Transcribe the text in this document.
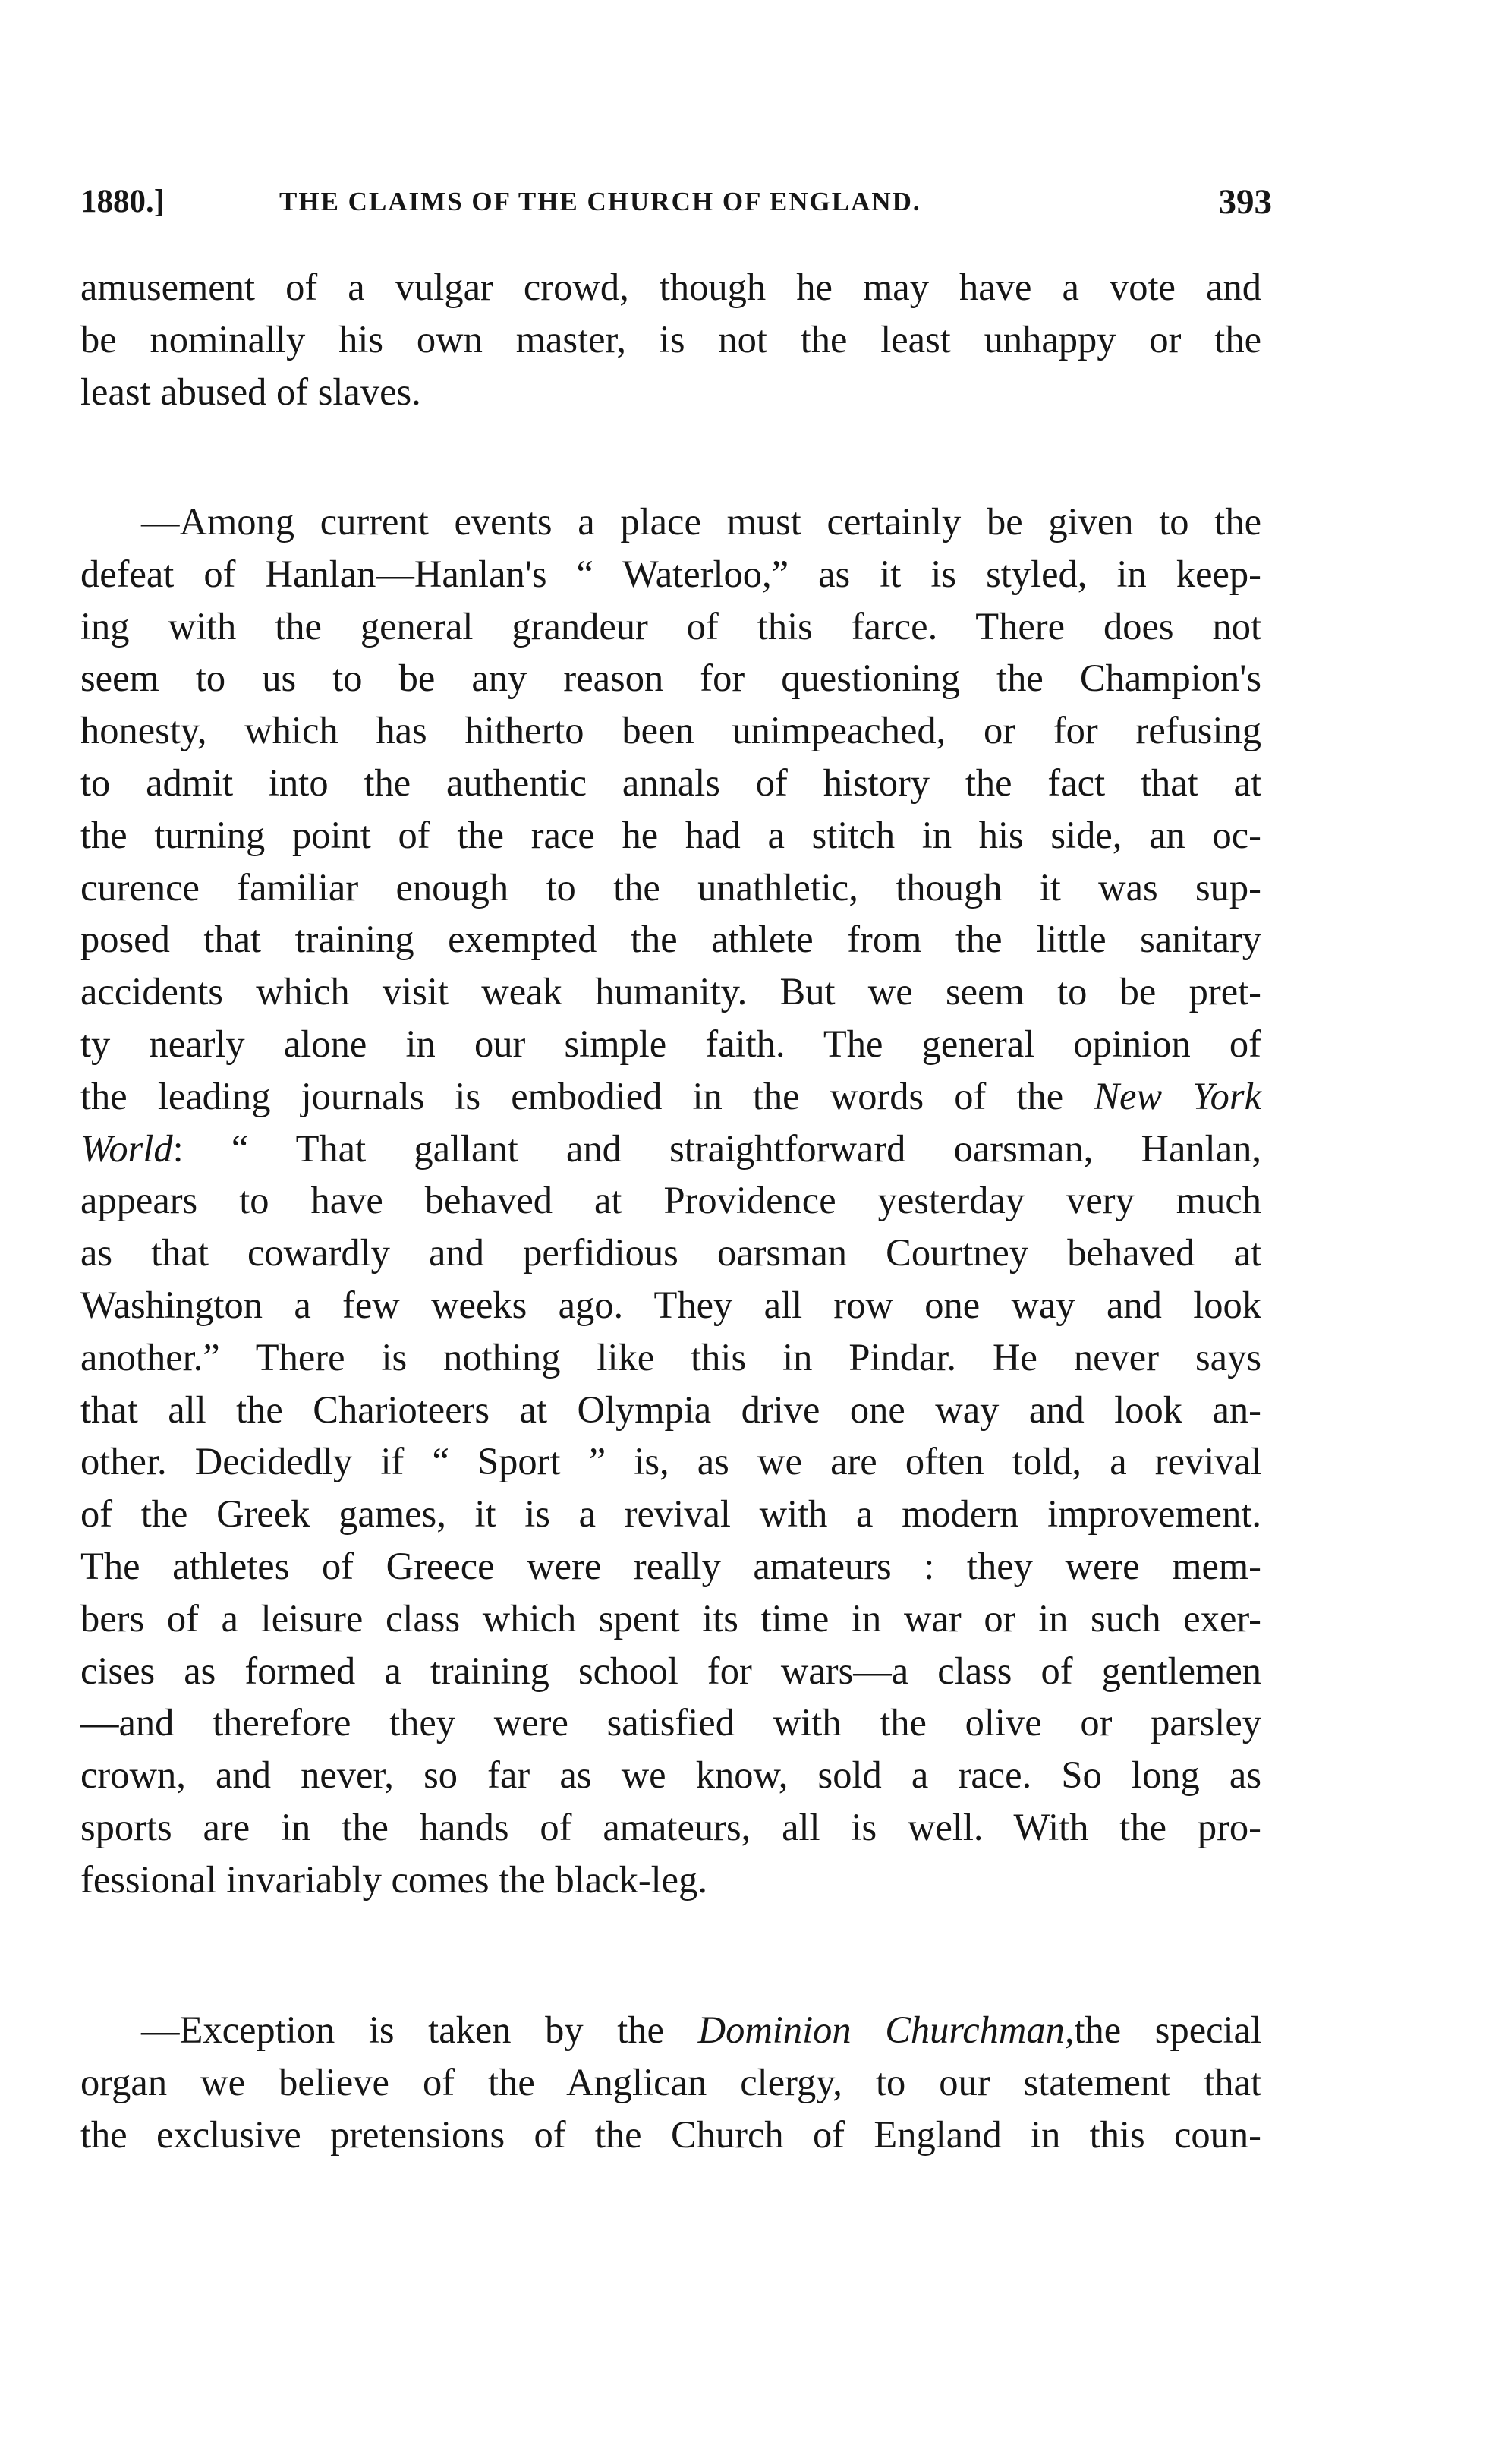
1880.]	THE CLAIMS OF THE CHURCH OF ENGLAND.	393

amusement of a vulgar crowd, though he may have a vote and
be nominally his own master, is not the least unhappy or the
least abused of slaves.

—Among current events a place must certainly be given to the
defeat of Hanlan—Hanlan's “ Waterloo,” as it is styled, in keep-
ing with the general grandeur of this farce. There does not
seem to us to be any reason for questioning the Champion's
honesty, which has hitherto been unimpeached, or for refusing
to admit into the authentic annals of history the fact that at
the turning point of the race he had a stitch in his side, an oc-
curence familiar enough to the unathletic, though it was sup-
posed that training exempted the athlete from the little sanitary
accidents which visit weak humanity. But we seem to be pret-
ty nearly alone in our simple faith. The general opinion of
the leading journals is embodied in the words of the New York
World: “ That gallant and straightforward oarsman, Hanlan,
appears to have behaved at Providence yesterday very much
as that cowardly and perfidious oarsman Courtney behaved at
Washington a few weeks ago. They all row one way and look
another.” There is nothing like this in Pindar. He never says
that all the Charioteers at Olympia drive one way and look an-
other. Decidedly if “ Sport ” is, as we are often told, a revival
of the Greek games, it is a revival with a modern improvement.
The athletes of Greece were really amateurs : they were mem-
bers of a leisure class which spent its time in war or in such exer-
cises as formed a training school for wars—a class of gentlemen
—and therefore they were satisfied with the olive or parsley
crown, and never, so far as we know, sold a race. So long as
sports are in the hands of amateurs, all is well. With the pro-
fessional invariably comes the black-leg.

—Exception is taken by the Dominion Churchman,the special
organ we believe of the Anglican clergy, to our statement that
the exclusive pretensions of the Church of England in this coun-
